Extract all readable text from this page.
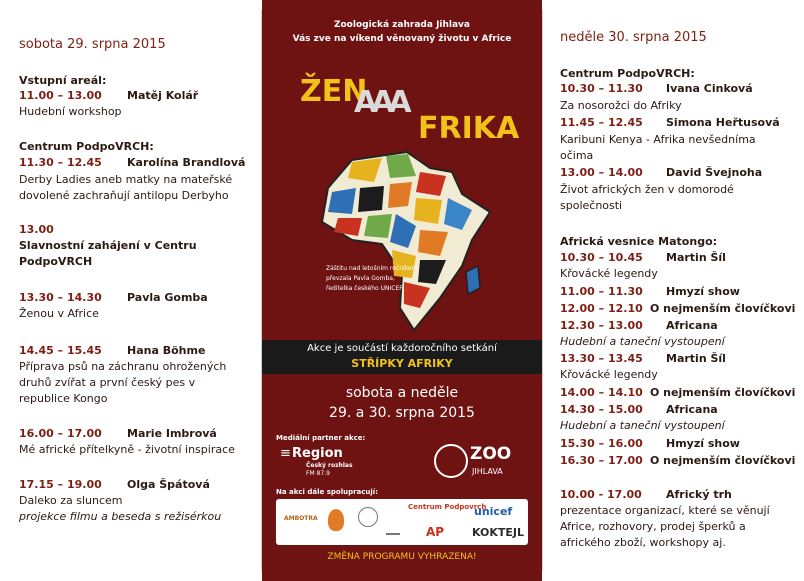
sobota 29. srpna 2015
Vstupní areál:
11.00 – 13.00 Matěj Kolář
Hudební workshop
Centrum PodpoVRCH:
11.30 – 12.45 Karolína Brandlová
Derby Ladies aneb matky na mateřské
dovolené zachraňují antilopu Derbyho
13.00
Slavnostní zahájení v Centru
PodpoVRCH
13.30 – 14.30 Pavla Gomba
Ženou v Africe
14.45 – 15.45 Hana Böhme
Příprava psů na záchranu ohrožených
druhů zvířat a první český pes v
republice Kongo
16.00 – 17.00 Marie Imbrová
Mé africké přítelkyně - životní inspirace
17.15 – 19.00 Olga Špátová
Daleko za sluncem
projekce filmu a beseda s režisérkou
Zoologická zahrada Jihlava
Vás zve na víkend věnovaný životu v Africe
ŽEN
AAA
FRIKA
Záštitu nad letošním ročníkem
převzala Pavla Gomba,
ředitelka českého UNICEF
Akce je součástí každoročního setkání
STŘÍPKY AFRIKY
sobota a neděle
29. a 30. srpna 2015
Mediální partner akce:
Region
≡
Český rozhlas
FM 87.9
ZOO
JIHLAVA
Na akci dále spolupracují:
AMBOTRA
Centrum Podpovrch
unicef
AP	KOKTEJL
ZMĚNA PROGRAMU VYHRAZENA!
neděle 30. srpna 2015
Centrum PodpoVRCH:
10.30 – 11.30 Ivana Cinková
Za nosorožci do Afriky
11.45 – 12.45 Simona Heřtusová
Karibuni Kenya - Afrika nevšedníma
očima
13.00 – 14.00 David Švejnoha
Život afrických žen v domorodé
společnosti
Africká vesnice Matongo:
10.30 – 10.45 Martin Šíl
Křovácké legendy
11.00 – 11.30 Hmyzí show
12.00 – 12.10 O nejmenším človíčkovi
12.30 – 13.00 Africana
Hudební a taneční vystoupení
13.30 – 13.45 Martin Šíl
Křovácké legendy
14.00 – 14.10 O nejmenším človíčkovi
14.30 – 15.00 Africana
Hudební a taneční vystoupení
15.30 – 16.00 Hmyzí show
16.30 – 17.00 O nejmenším človíčkovi
10.00 - 17.00 Africký trh
prezentace organizací, které se věnují
Africe, rozhovory, prodej šperků a
afrického zboží, workshopy aj.
